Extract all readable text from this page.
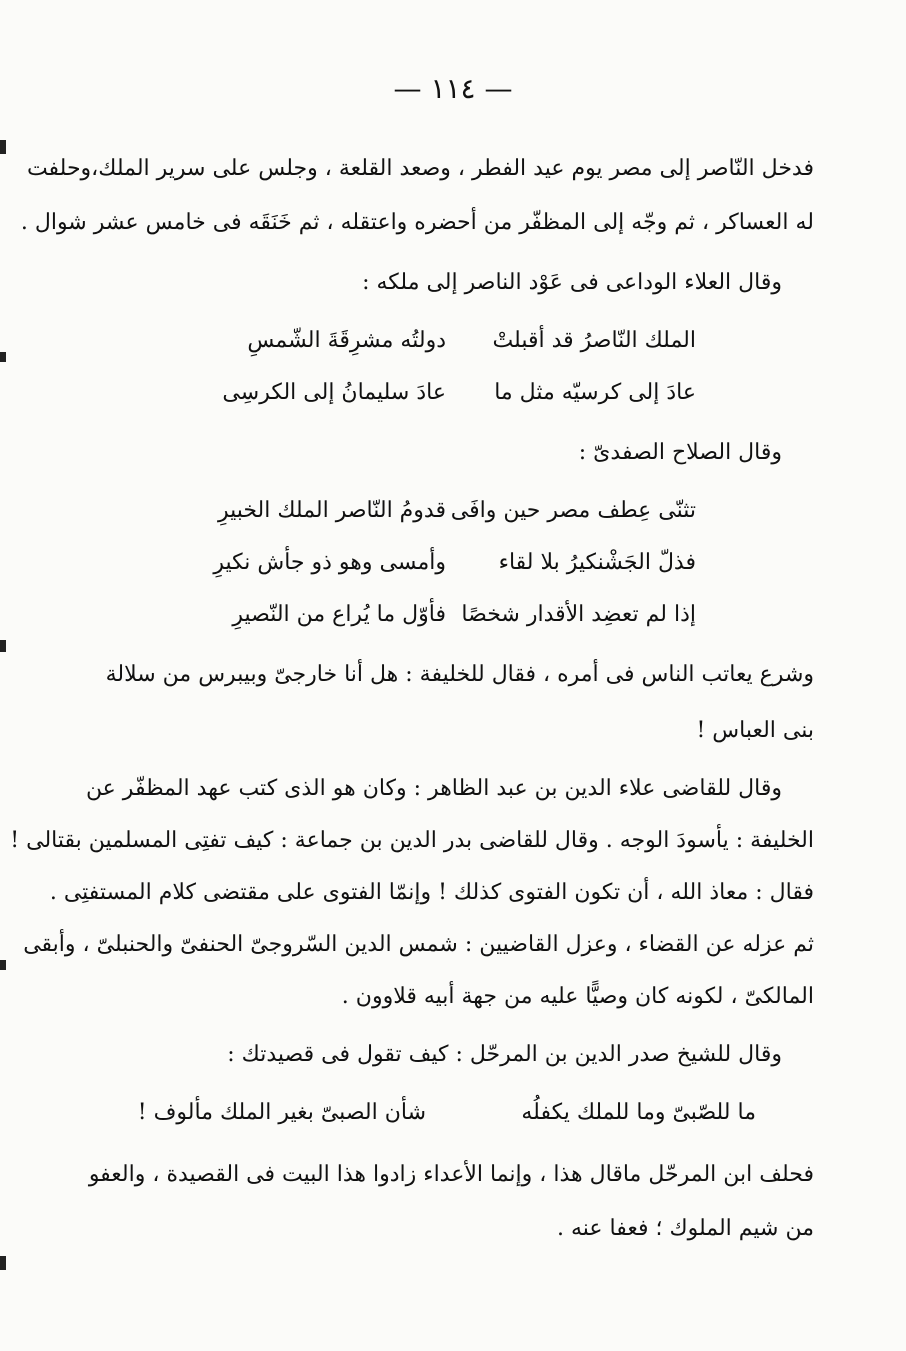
— ١١٤ —
فدخل النّاصر إلى مصر يوم عيد الفطر ، وصعد القلعة ، وجلس على سرير الملك،وحلفت
له العساكر ، ثم وجّه إلى المظفّر من أحضره واعتقله ، ثم خَنَقَه فى خامس عشر شوال .
وقال العلاء الوداعى فى عَوْد الناصر إلى ملكه :
الملك النّاصرُ قد أقبلتْ
دولتُه مشرِقَةَ الشّمسِ
عادَ إلى كرسيّه مثل ما
عادَ سليمانُ إلى الكرسِى
وقال الصلاح الصفدىّ :
تثنّى عِطف مصر حين وافَى
قدومُ النّاصر الملك الخبيرِ
فذلّ الجَشْنكيرُ بلا لقاء
وأمسى وهو ذو جأش نكيرِ
إذا لم تعضِد الأقدار شخصًا
فأوّل ما يُراع من النّصيرِ
وشرع يعاتب الناس فى أمره ، فقال للخليفة : هل أنا خارجىّ وبيبرس من سلالة
بنى العباس !
وقال للقاضى علاء الدين بن عبد الظاهر : وكان هو الذى كتب عهد المظفّر عن
الخليفة : يأسودَ الوجه . وقال للقاضى بدر الدين بن جماعة : كيف تفتِى المسلمين بقتالى !
فقال : معاذ الله ، أن تكون الفتوى كذلك ! وإنمّا الفتوى على مقتضى كلام المستفتِى .
ثم عزله عن القضاء ، وعزل القاضيين : شمس الدين السّروجىّ الحنفىّ والحنبلىّ ، وأبقى
المالكىّ ، لكونه كان وصيًّا عليه من جهة أبيه قلاوون .
وقال للشيخ صدر الدين بن المرحّل : كيف تقول فى قصيدتك :
ما للصّبىّ وما للملك يكفلُه
شأن الصبىّ بغير الملك مألوف !
فحلف ابن المرحّل ماقال هذا ، وإنما الأعداء زادوا هذا البيت فى القصيدة ، والعفو
من شيم الملوك ؛ فعفا عنه .
